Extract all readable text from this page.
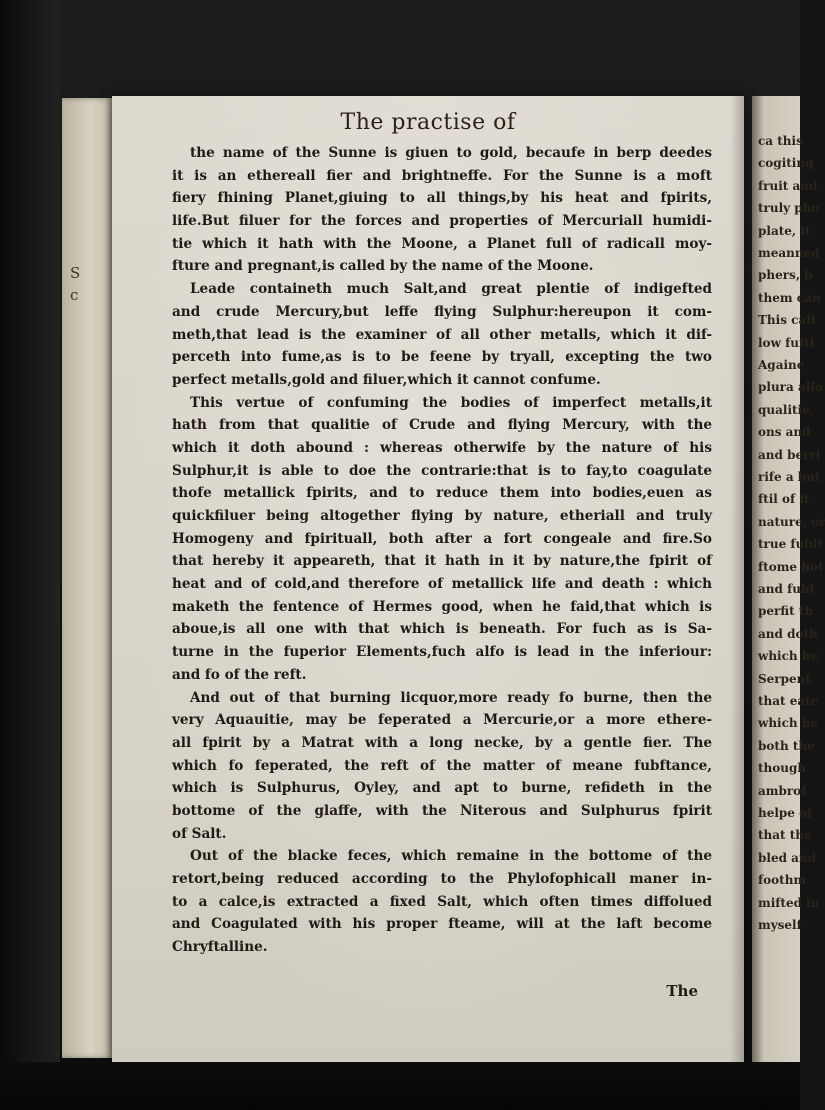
S
c
The practise of
the name of the Sunne is giuen to gold, becaufe in berp deedes
it is an ethereall fier and brightneffe. For the Sunne is a moft
fiery fhining Planet,giuing to all things,by his heat and fpirits,
life.But filuer for the forces and properties of Mercuriall humidi-
tie which it hath with the Moone, a Planet full of radicall moy-
fture and pregnant,is called by the name of the Moone.
Leade containeth much Salt,and great plentie of indigefted
and crude Mercury,but leffe flying Sulphur:hereupon it com-
meth,that lead is the examiner of all other metalls, which it dif-
perceth into fume,as is to be feene by tryall, excepting the two
perfect metalls,gold and filuer,which it cannot confume.
This vertue of confuming the bodies of imperfect metalls,it
hath from that qualitie of Crude and flying Mercury, with the
which it doth abound : whereas otherwife by the nature of his
Sulphur,it is able to doe the contrarie:that is to fay,to coagulate
thofe metallick fpirits, and to reduce them into bodies,euen as
quickfiluer being altogether flying by nature, etheriall and truly
Homogeny and fpirituall, both after a fort congeale and fire.So
that hereby it appeareth, that it hath in it by nature,the fpirit of
heat and of cold,and therefore of metallick life and death : which
maketh the fentence of Hermes good, when he faid,that which is
aboue,is all one with that which is beneath. For fuch as is Sa-
turne in the fuperior Elements,fuch alfo is lead in the inferiour:
and fo of the reft.
And out of that burning licquor,more ready fo burne, then the
very Aquauitie, may be feperated a Mercurie,or a more ethere-
all fpirit by a Matrat with a long necke, by a gentle fier. The
which fo feperated, the reft of the matter of meane fubftance,
which is Sulphurus, Oyley, and apt to burne, refideth in the
bottome of the glaffe, with the Niterous and Sulphurus fpirit
of Salt.
Out of the blacke feces, which remaine in the bottome of the
retort,being reduced according to the Phylofophicall maner in-
to a calce,is extracted a fixed Salt, which often times diffolued
and Coagulated with his proper fteame, will at the laft become
Chryftalline.
The
ca this
cogiting
fruit and
truly pho
plate, it
meanned
phers, b
them can
This calt
low fufti
Againe
plura allo
qualitie,
ons and
and berri
rife a but
ftil of it
nature, or
true fubft
ftome hot
and fubt
perfit th
and doth
which he
Serpent
that eate
which he
both the
though
ambrof
helpe of
that the
bled and
foothm
mifted in
myself
